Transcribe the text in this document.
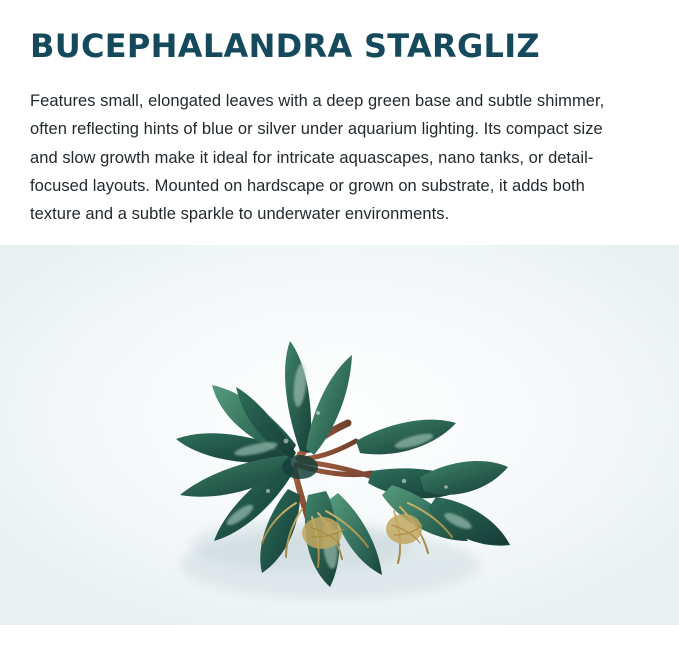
BUCEPHALANDRA STARGLIZ

Features small, elongated leaves with a deep green base and subtle shimmer, often reflecting hints of blue or silver under aquarium lighting. Its compact size and slow growth make it ideal for intricate aquascapes, nano tanks, or detail-focused layouts. Mounted on hardscape or grown on substrate, it adds both texture and a subtle sparkle to underwater environments.
